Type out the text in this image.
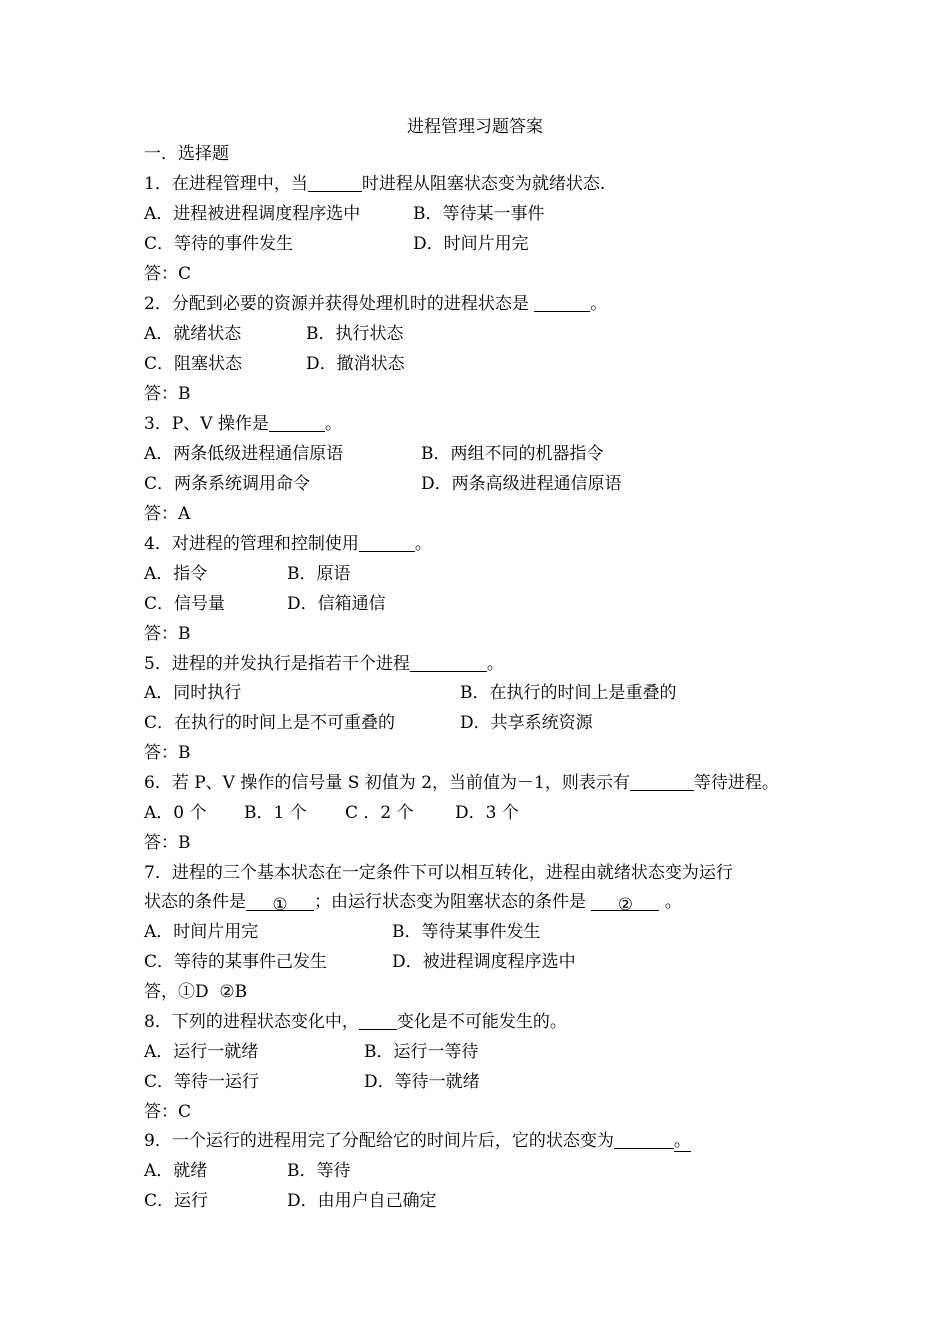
进程管理习题答案
一．选择题
1．在进程管理中，当	时进程从阻塞状态变为就绪状态.
A．进程被进程调度程序选中	B．等待某一事件
C．等待的事件发生	D．时间片用完
答：C
2．分配到必要的资源并获得处理机时的进程状态是	。
A．就绪状态	B．执行状态
C．阻塞状态	D．撤消状态
答：B
3．P、V 操作是	。
A．两条低级进程通信原语	B．两组不同的机器指令
C．两条系统调用命令	D．两条高级进程通信原语
答：A
4．对进程的管理和控制使用	。
A．指令	B．原语
C．信号量	D．信箱通信
答：B
5．进程的并发执行是指若干个进程	。
A．同时执行	B．在执行的时间上是重叠的
C．在执行的时间上是不可重叠的	D．共享系统资源
答：B
6．若 P、V 操作的信号量 S 初值为 2，当前值为－1，则表示有	等待进程。
A．0 个 B．1 个 C ．2 个 D．3 个
答：B
7．进程的三个基本状态在一定条件下可以相互转化，进程由就绪状态变为运行
状态的条件是 ① ；由运行状态变为阻塞状态的条件是 ② 。
A．时间片用完	B．等待某事件发生
C．等待的某事件己发生	D．被进程调度程序选中
答，①D  ②B
8．下列的进程状态变化中， 变化是不可能发生的。
A．运行一就绪	B．运行一等待
C．等待一运行	D．等待一就绪
答：C
9．一个运行的进程用完了分配给它的时间片后，它的状态变为	。
A．就绪	B．等待
C．运行	D．由用户自己确定
